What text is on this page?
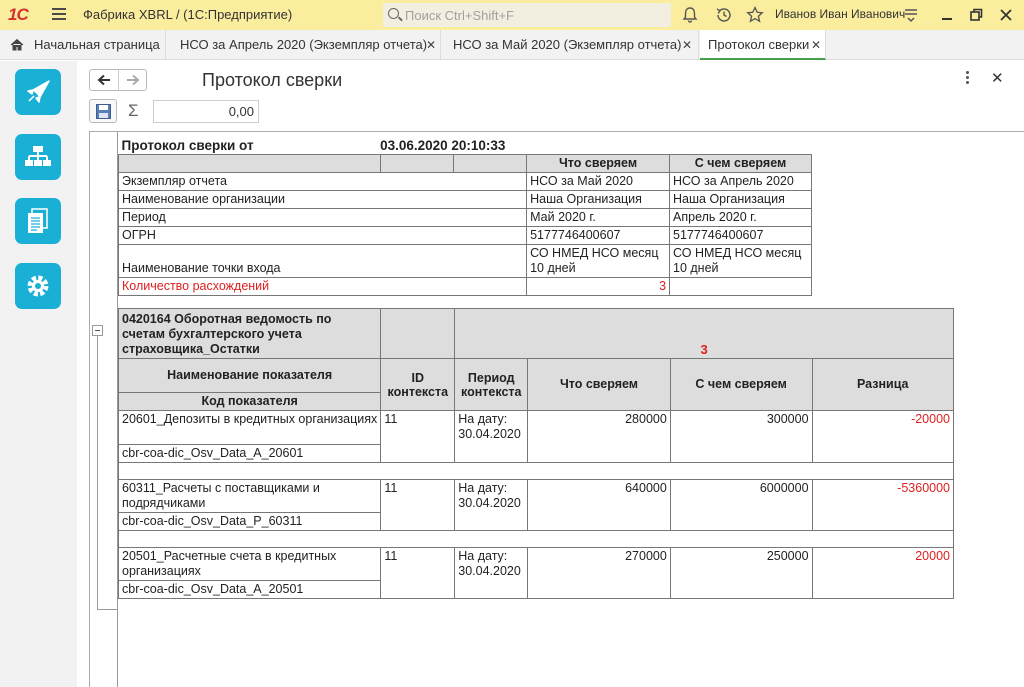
1С	Фабрика XBRL / (1С:Предприятие)
Поиск Ctrl+Shift+F	Иванов Иван Иванович
Начальная страница	НСО за Апрель 2020 (Экземпляр отчета)
✕	НСО за Май 2020 (Экземпляр отчета) ✕	Протокол сверки ✕
Протокол сверки	✕
Σ	0,00
Протокол сверки от	03.06.2020 20:10:33			
			Что сверяем	С чем сверяем
Экземпляр отчета			НСО за Май 2020	НСО за Апрель 2020
Наименование организации			Наша Организация	Наша Организация
Период			Май 2020 г.	Апрель 2020 г.
ОГРН			5177746400607	5177746400607
Наименование точки входа			СО НМЕД НСО месяц 10 дней	СО НМЕД НСО месяц 10 дней
Количество расхождений			3	
0420164 Оборотная ведомость по счетам бухгалтерского учета страховщика_Остатки		3			
Наименование показателя	ID контекста	Период контекста	Что сверяем	С чем сверяем	Разница
Код показателя					
20601_Депозиты в кредитных организациях	11	На дату: 30.04.2020	280000	300000	-20000
cbr-coa-dic_Osv_Data_A_20601					

60311_Расчеты с поставщиками и подрядчиками	11	На дату: 30.04.2020	640000	6000000	-5360000
cbr-coa-dic_Osv_Data_P_60311					

20501_Расчетные счета в кредитных организациях	11	На дату: 30.04.2020	270000	250000	20000
cbr-coa-dic_Osv_Data_A_20501					
